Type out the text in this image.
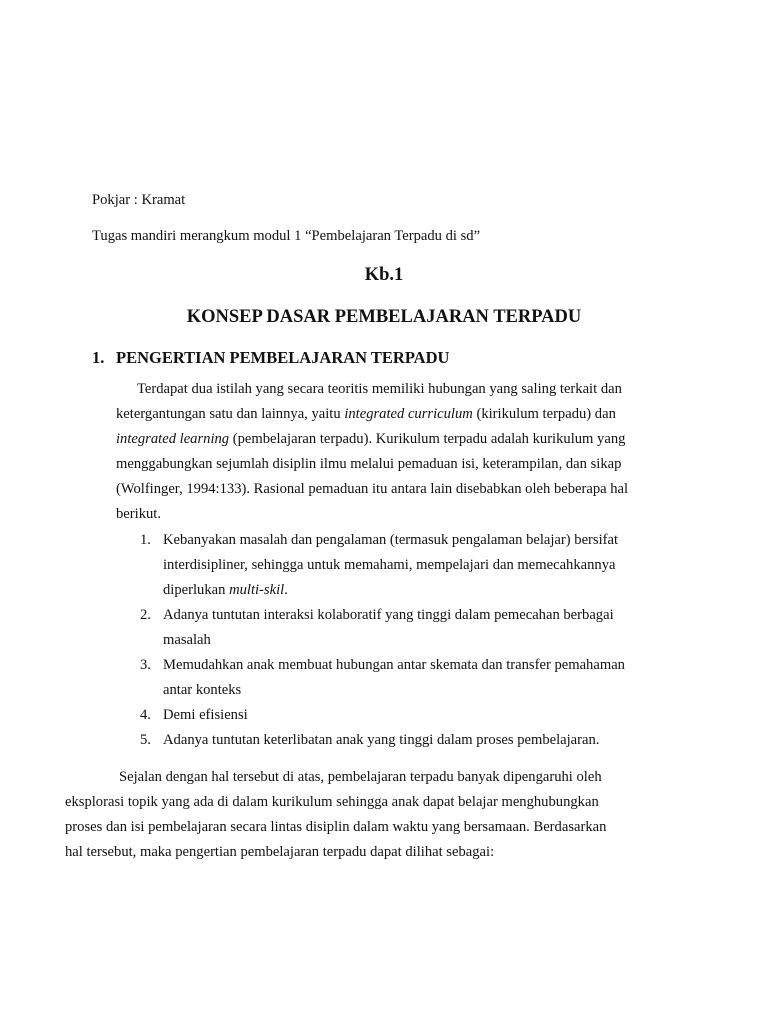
Pokjar : Kramat
Tugas mandiri merangkum modul 1 “Pembelajaran Terpadu di sd”
Kb.1
KONSEP DASAR PEMBELAJARAN TERPADU
1. PENGERTIAN PEMBELAJARAN TERPADU

Terdapat dua istilah yang secara teoritis memiliki hubungan yang saling terkait dan
ketergantungan satu dan lainnya, yaitu integrated curriculum (kirikulum terpadu) dan
integrated learning (pembelajaran terpadu). Kurikulum terpadu adalah kurikulum yang
menggabungkan sejumlah disiplin ilmu melalui pemaduan isi, keterampilan, dan sikap
(Wolfinger, 1994:133). Rasional pemaduan itu antara lain disebabkan oleh beberapa hal
berikut.

1. Kebanyakan masalah dan pengalaman (termasuk pengalaman belajar) bersifat
interdisipliner, sehingga untuk memahami, mempelajari dan memecahkannya
diperlukan multi-skil.
2. Adanya tuntutan interaksi kolaboratif yang tinggi dalam pemecahan berbagai
masalah
3. Memudahkan anak membuat hubungan antar skemata dan transfer pemahaman
antar konteks
4. Demi efisiensi
5. Adanya tuntutan keterlibatan anak yang tinggi dalam proses pembelajaran.

Sejalan dengan hal tersebut di atas, pembelajaran terpadu banyak dipengaruhi oleh
eksplorasi topik yang ada di dalam kurikulum sehingga anak dapat belajar menghubungkan
proses dan isi pembelajaran secara lintas disiplin dalam waktu yang bersamaan. Berdasarkan
hal tersebut, maka pengertian pembelajaran terpadu dapat dilihat sebagai:
